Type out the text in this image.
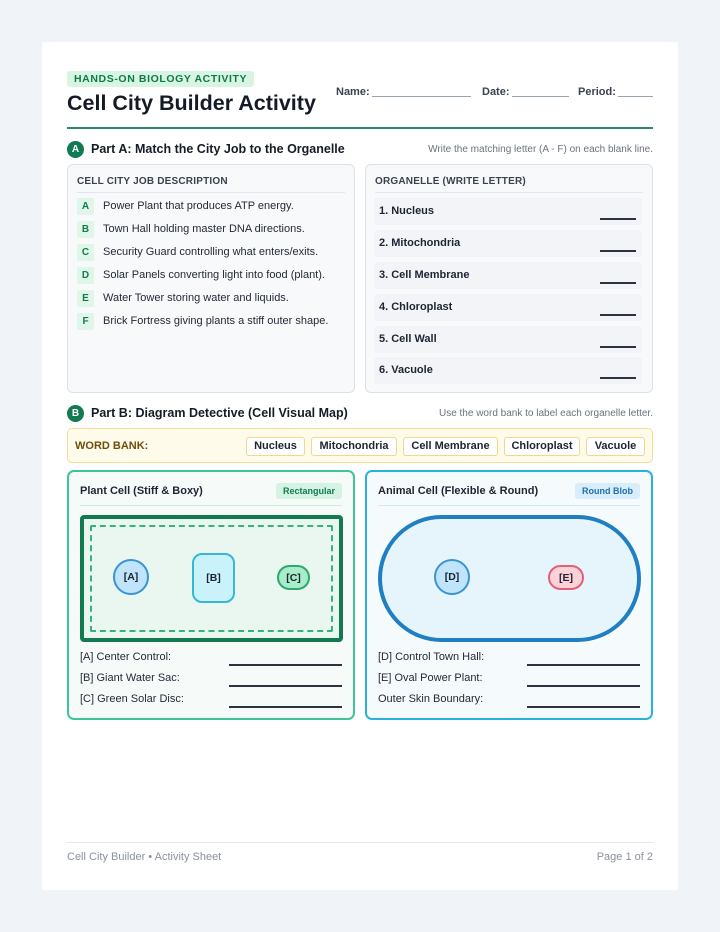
HANDS-ON BIOLOGY ACTIVITY
Cell City Builder Activity Name:	Date:	Period:
A Part A: Match the City Job to the Organelle	Write the matching letter (A - F) on each blank line.
CELL CITY JOB DESCRIPTION
A	Power Plant that produces ATP energy.
B	Town Hall holding master DNA directions.
C	Security Guard controlling what enters/exits.
D	Solar Panels converting light into food (plant).
E	Water Tower storing water and liquids.
F	Brick Fortress giving plants a stiff outer shape.
ORGANELLE (WRITE LETTER)
1. Nucleus
2. Mitochondria
3. Cell Membrane
4. Chloroplast
5. Cell Wall
6. Vacuole
B Part B: Diagram Detective (Cell Visual Map)	Use the word bank to label each organelle letter.
WORD BANK:	Nucleus	Mitochondria	Cell Membrane	Chloroplast	Vacuole
Plant Cell (Stiff & Boxy)	Rectangular
[A]	[B]	[C]
[A] Center Control:
[B] Giant Water Sac:
[C] Green Solar Disc:
Animal Cell (Flexible & Round)	Round Blob
[D]	[E]
[D] Control Town Hall:
[E] Oval Power Plant:
Outer Skin Boundary:
Cell City Builder • Activity Sheet	Page 1 of 2
